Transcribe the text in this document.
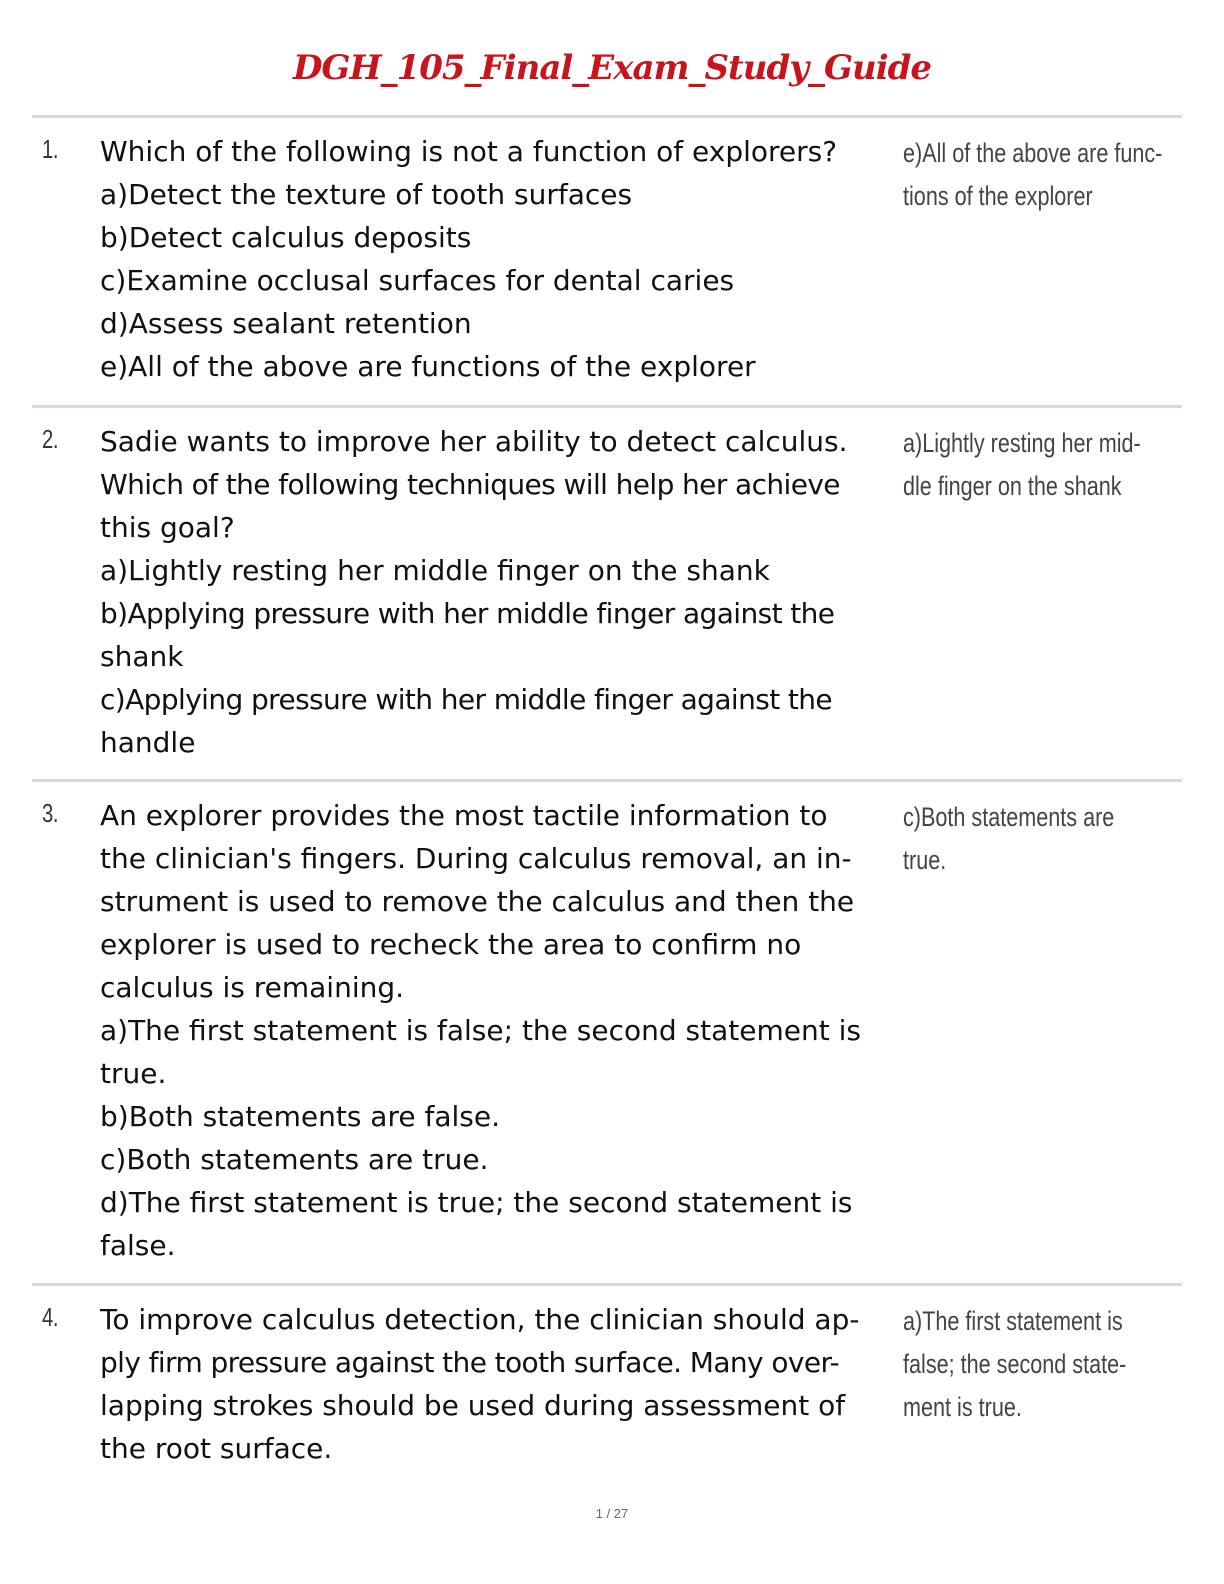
DGH_105_Final_Exam_Study_Guide
1. Which of the following is not a function of explorers?
a)Detect the texture of tooth surfaces
b)Detect calculus deposits
c)Examine occlusal surfaces for dental caries
d)Assess sealant retention
e)All of the above are functions of the explorer
e)All of the above are func-
tions of the explorer
2. Sadie wants to improve her ability to detect calculus.
Which of the following techniques will help her achieve
this goal?
a)Lightly resting her middle finger on the shank
b)Applying pressure with her middle finger against the
shank
c)Applying pressure with her middle finger against the
handle
a)Lightly resting her mid-
dle finger on the shank
3. An explorer provides the most tactile information to
the clinician's fingers. During calculus removal, an in-
strument is used to remove the calculus and then the
explorer is used to recheck the area to confirm no
calculus is remaining.
a)The first statement is false; the second statement is
true.
b)Both statements are false.
c)Both statements are true.
d)The first statement is true; the second statement is
false.
c)Both statements are
true.
4. To improve calculus detection, the clinician should ap-
ply firm pressure against the tooth surface. Many over-
lapping strokes should be used during assessment of
the root surface.
a)The first statement is
false; the second state-
ment is true.
1 / 27
